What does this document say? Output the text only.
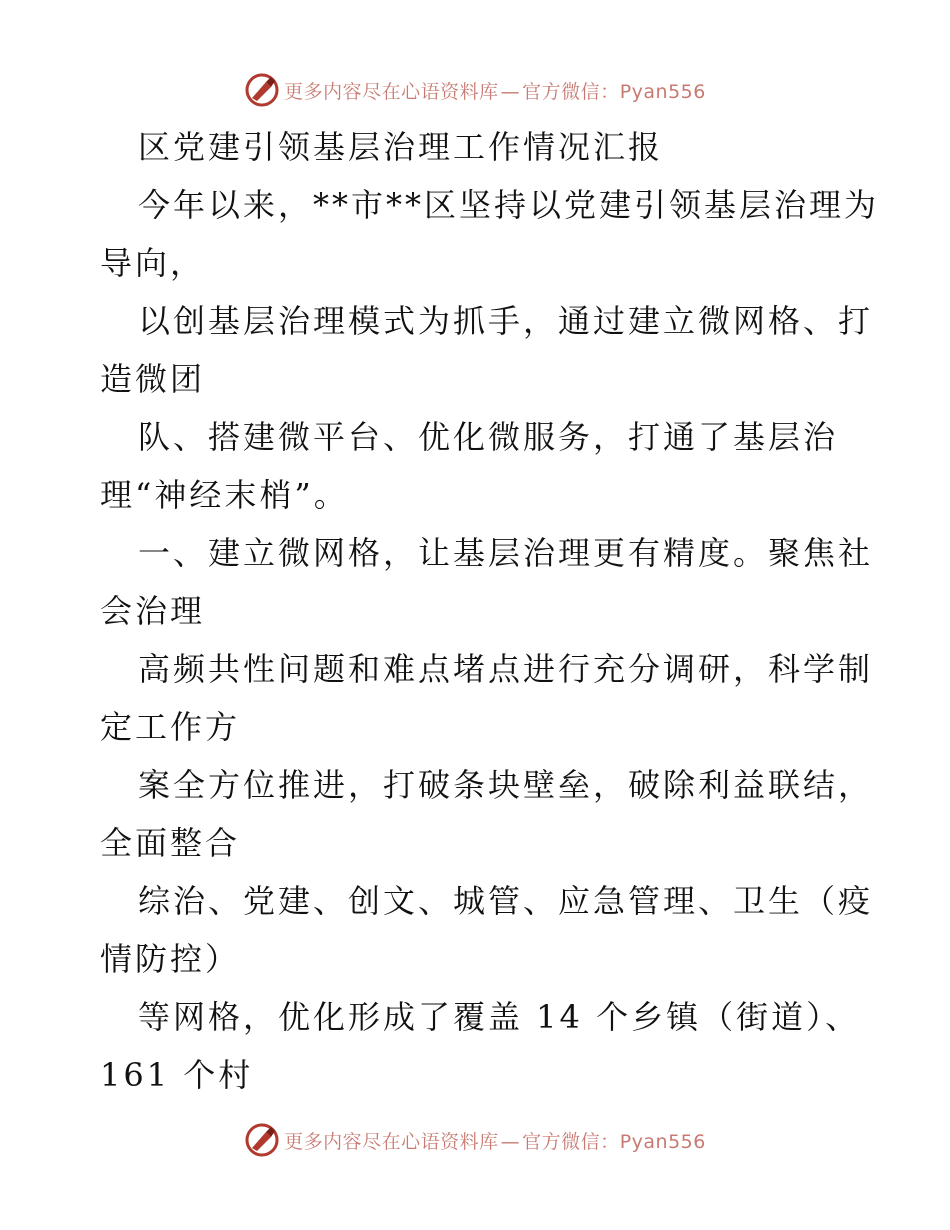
更多内容尽在心语资料库 — 官方微信：Pyan556
区党建引领基层治理工作情况汇报
今年以来，**市**区坚持以党建引领基层治理为
导向，
以创基层治理模式为抓手，通过建立微网格、打
造微团
队、搭建微平台、优化微服务，打通了基层治
理“神经末梢”。
一、建立微网格，让基层治理更有精度。聚焦社
会治理
高频共性问题和难点堵点进行充分调研，科学制
定工作方
案全方位推进，打破条块壁垒，破除利益联结，
全面整合
综治、党建、创文、城管、应急管理、卫生（疫
情防控）
等网格，优化形成了覆盖 14 个乡镇（街道）、
161 个村
更多内容尽在心语资料库 — 官方微信：Pyan556
